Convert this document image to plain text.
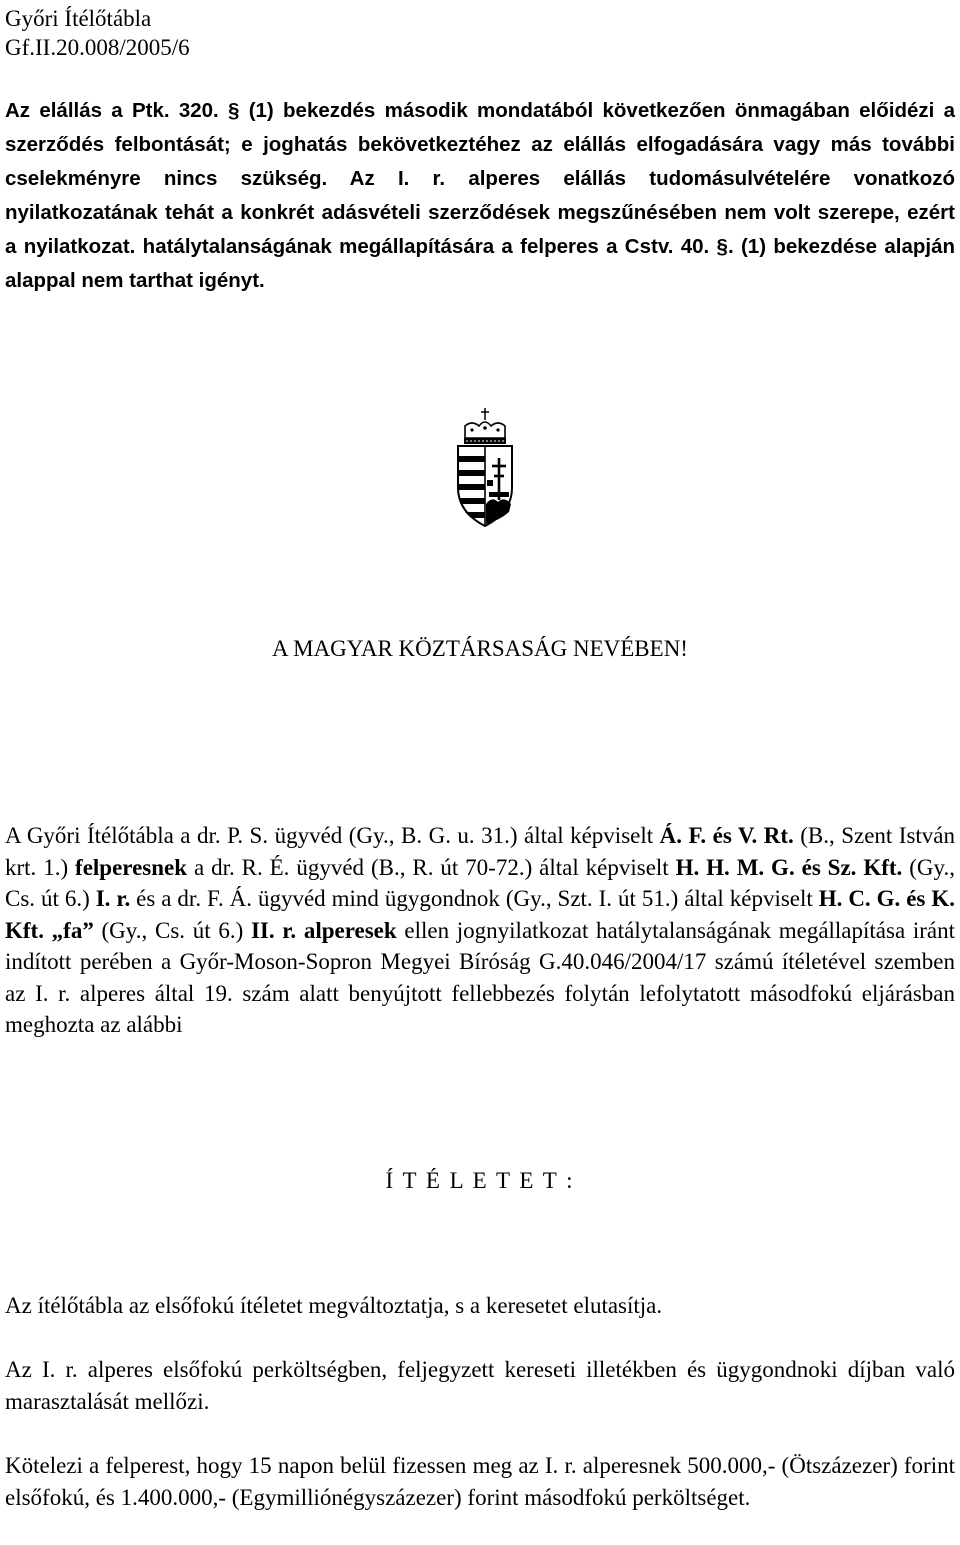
Győri Ítélőtábla
Gf.II.20.008/2005/6

Az elállás a Ptk. 320. § (1) bekezdés második mondatából következően önmagában előidézi a szerződés felbontását; e joghatás bekövetkeztéhez az elállás elfogadására vagy más további cselekményre nincs szükség. Az I. r. alperes elállás tudomásulvételére vonatkozó nyilatkozatának tehát a konkrét adásvételi szerződések megszűnésében nem volt szerepe, ezért a nyilatkozat. hatálytalanságának megállapítására a felperes a Cstv. 40. §. (1) bekezdése alapján alappal nem tarthat igényt.

A MAGYAR KÖZTÁRSASÁG NEVÉBEN!

A Győri Ítélőtábla a dr. P. S. ügyvéd (Gy., B. G. u. 31.) által képviselt Á. F. és V. Rt. (B., Szent István krt. 1.) felperesnek a dr. R. É. ügyvéd (B., R. út 70-72.) által képviselt H. H. M. G. és Sz. Kft. (Gy., Cs. út 6.) I. r. és a dr. F. Á. ügyvéd mind ügygondnok (Gy., Szt. I. út 51.) által képviselt H. C. G. és K. Kft. „fa” (Gy., Cs. út 6.) II. r. alperesek ellen jognyilatkozat hatálytalanságának megállapítása iránt indított perében a Győr-Moson-Sopron Megyei Bíróság G.40.046/2004/17 számú ítéletével szemben az I. r. alperes által 19. szám alatt benyújtott fellebbezés folytán lefolytatott másodfokú eljárásban meghozta az alábbi

Í T É L E T E T :

Az ítélőtábla az elsőfokú ítéletet megváltoztatja, s a keresetet elutasítja.

Az I. r. alperes elsőfokú perköltségben, feljegyzett kereseti illetékben és ügygondnoki díjban való marasztalását mellőzi.

Kötelezi a felperest, hogy 15 napon belül fizessen meg az I. r. alperesnek 500.000,- (Ötszázezer) forint elsőfokú, és 1.400.000,- (Egymilliónégyszázezer) forint másodfokú perköltséget.
